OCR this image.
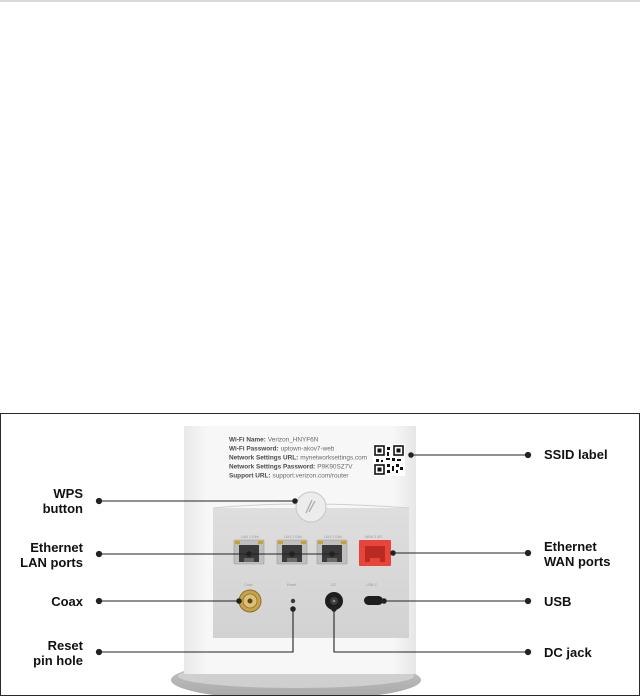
LAN 1 Gbit	LAN 2 Gbit	LAN 3 Gbit	WAN 2.5G
Coax	Reset	DC	USB-C
Wi-Fi Name: Verizon_HNYF6N
Wi-Fi Password: uptown-akov7-web
Network Settings URL: mynetworksettings.com
Network Settings Password: P9K90SZ7V
Support URL: support.verizon.com/router
WPS
button
Ethernet
LAN ports
Coax
Reset
pin hole
SSID label
Ethernet
WAN ports
USB
DC jack
